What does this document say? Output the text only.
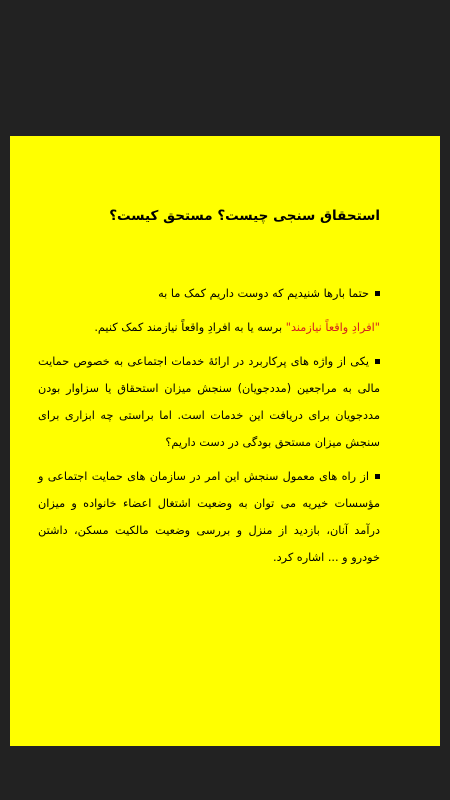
استحقاق سنجی چیست؟ مستحق کیست؟

حتما بارها شنیدیم که دوست داریم کمک ما به

"افرادِ واقعاً نیازمند" برسه یا به افرادِ واقعاً نیازمند کمک کنیم.

یکی از واژه های پرکاربرد در ارائهٔ خدمات اجتماعی به خصوص حمایت مالی به مراجعین (مددجویان) سنجش میزان استحقاق یا سزاوار بودن مددجویان برای دریافت این خدمات است. اما براستی چه ابزاری برای سنجش میزان مستحق بودگی در دست داریم؟

از راه های معمول سنجش این امر در سازمان های حمایت اجتماعی و مؤسسات خیریه می توان به وضعیت اشتغال اعضاء خانواده و میزان درآمد آنان، بازدید از منزل و بررسی وضعیت مالکیت مسکن، داشتن خودرو و ... اشاره کرد.
